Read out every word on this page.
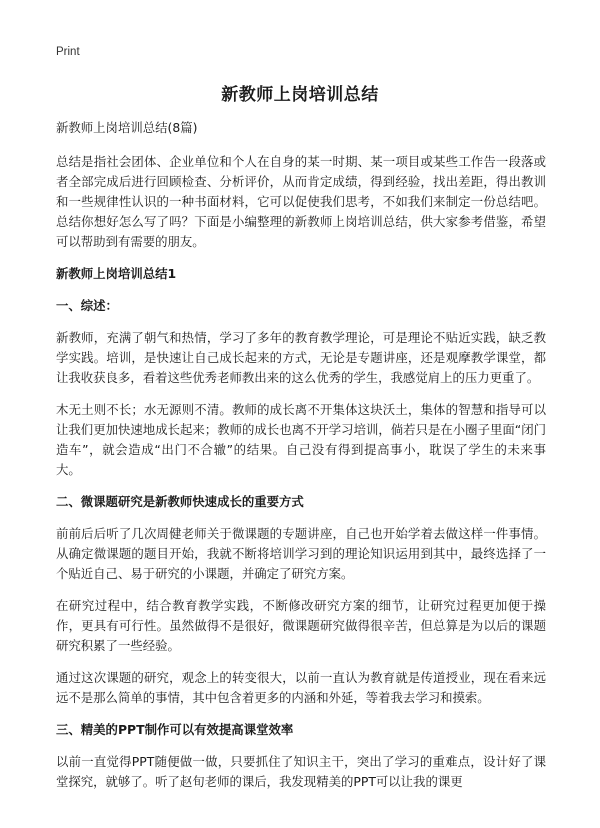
Print
新教师上岗培训总结

新教师上岗培训总结(8篇)

总结是指社会团体、企业单位和个人在自身的某一时期、某一项目或某些工作告一段落或者全部完成后进行回顾检查、分析评价，从而肯定成绩，得到经验，找出差距，得出教训和一些规律性认识的一种书面材料，它可以促使我们思考，不如我们来制定一份总结吧。总结你想好怎么写了吗？下面是小编整理的新教师上岗培训总结，供大家参考借鉴，希望可以帮助到有需要的朋友。

新教师上岗培训总结1

一、综述：

新教师，充满了朝气和热情，学习了多年的教育教学理论，可是理论不贴近实践，缺乏教学实践。培训，是快速让自己成长起来的方式，无论是专题讲座，还是观摩教学课堂，都让我收获良多，看着这些优秀老师教出来的这么优秀的学生，我感觉肩上的压力更重了。

木无土则不长；水无源则不清。教师的成长离不开集体这块沃土，集体的智慧和指导可以让我们更加快速地成长起来；教师的成长也离不开学习培训，倘若只是在小圈子里面“闭门造车”，就会造成“出门不合辙”的结果。自己没有得到提高事小，耽误了学生的未来事大。

二、微课题研究是新教师快速成长的重要方式

前前后后听了几次周健老师关于微课题的专题讲座，自己也开始学着去做这样一件事情。从确定微课题的题目开始，我就不断将培训学习到的理论知识运用到其中，最终选择了一个贴近自己、易于研究的小课题，并确定了研究方案。

在研究过程中，结合教育教学实践，不断修改研究方案的细节，让研究过程更加便于操作，更具有可行性。虽然做得不是很好，微课题研究做得很辛苦，但总算是为以后的课题研究积累了一些经验。

通过这次课题的研究，观念上的转变很大，以前一直认为教育就是传道授业，现在看来远远不是那么简单的事情，其中包含着更多的内涵和外延，等着我去学习和摸索。

三、精美的PPT制作可以有效提高课堂效率

以前一直觉得PPT随便做一做，只要抓住了知识主干，突出了学习的重难点，设计好了课堂探究，就够了。听了赵旬老师的课后，我发现精美的PPT可以让我的课更
